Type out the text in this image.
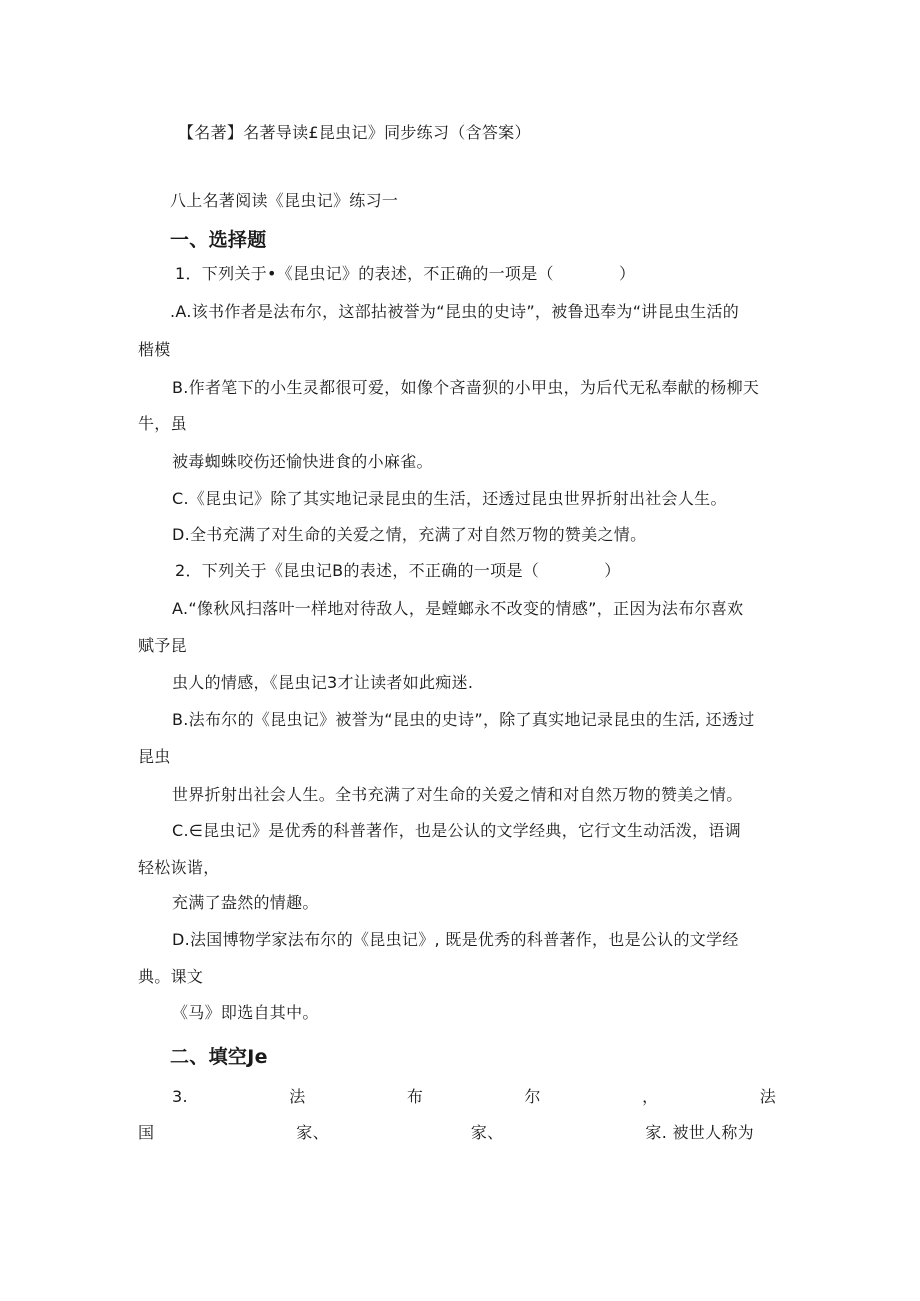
【名著】名著导读£昆虫记》同步练习（含答案）
八上名著阅读《昆虫记》练习一
一、选择题
1．下列关于•《昆虫记》的表述，不正确的一项是（　　　　）
.A.该书作者是法布尔，这部拈被誉为“昆虫的史诗”，被鲁迅奉为“讲昆虫生活的
楷模
B.作者笔下的小生灵都很可爱，如像个吝啬狈的小甲虫，为后代无私奉献的杨柳天
牛，虽
被毒蜘蛛咬伤还愉快进食的小麻雀。
C.《昆虫记》除了其实地记录昆虫的生活，还透过昆虫世界折射出社会人生。
D.全书充满了对生命的关爱之情，充满了对自然万物的赞美之情。
2．下列关于《昆虫记B的表述，不正确的一项是（　　　　）
A.“像秋风扫落叶一样地对待敌人，是螳螂永不改变的情感”，正因为法布尔喜欢
赋予昆
虫人的情感，《昆虫记3才让读者如此痴迷.
B.法布尔的《昆虫记》被誉为“昆虫的史诗”，除了真实地记录昆虫的生活, 还透过
昆虫
世界折射出社会人生。全书充满了对生命的关爱之情和对自然万物的赞美之情。
C.∈昆虫记》是优秀的科普著作，也是公认的文学经典，它行文生动活泼，语调
轻松诙谐，
充满了盎然的情趣。
D.法国博物学家法布尔的《昆虫记》, 既是优秀的科普著作，也是公认的文学经
典。课文
《马》即选自其中。
二、填空Je
3.	法	布	尔	，	法
国	家、	家、	家. 被世人称为
